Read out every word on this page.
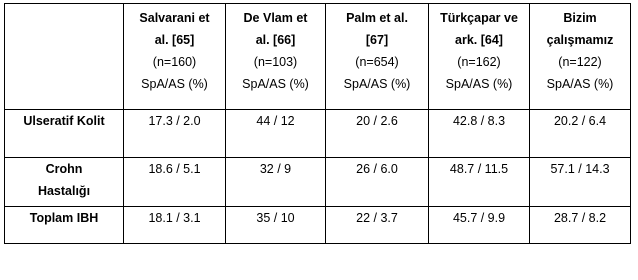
	Salvarani et
al. [65]
(n=160)
SpA/AS (%)	De Vlam et
al. [66]
(n=103)
SpA/AS (%)	Palm et al.
[67]
(n=654)
SpA/AS (%)	Türkçapar ve
ark. [64]
(n=162)
SpA/AS (%)	Bizim
çalışmamız
(n=122)
SpA/AS (%)

Ulseratif Kolit	17.3 / 2.0	44 / 12	20 / 2.6	42.8 / 8.3	20.2 / 6.4

Crohn
Hastalığı	18.6 / 5.1	32 / 9	26 / 6.0	48.7 / 11.5	57.1 / 14.3

Toplam IBH	18.1 / 3.1	35 / 10	22 / 3.7	45.7 / 9.9	28.7 / 8.2
